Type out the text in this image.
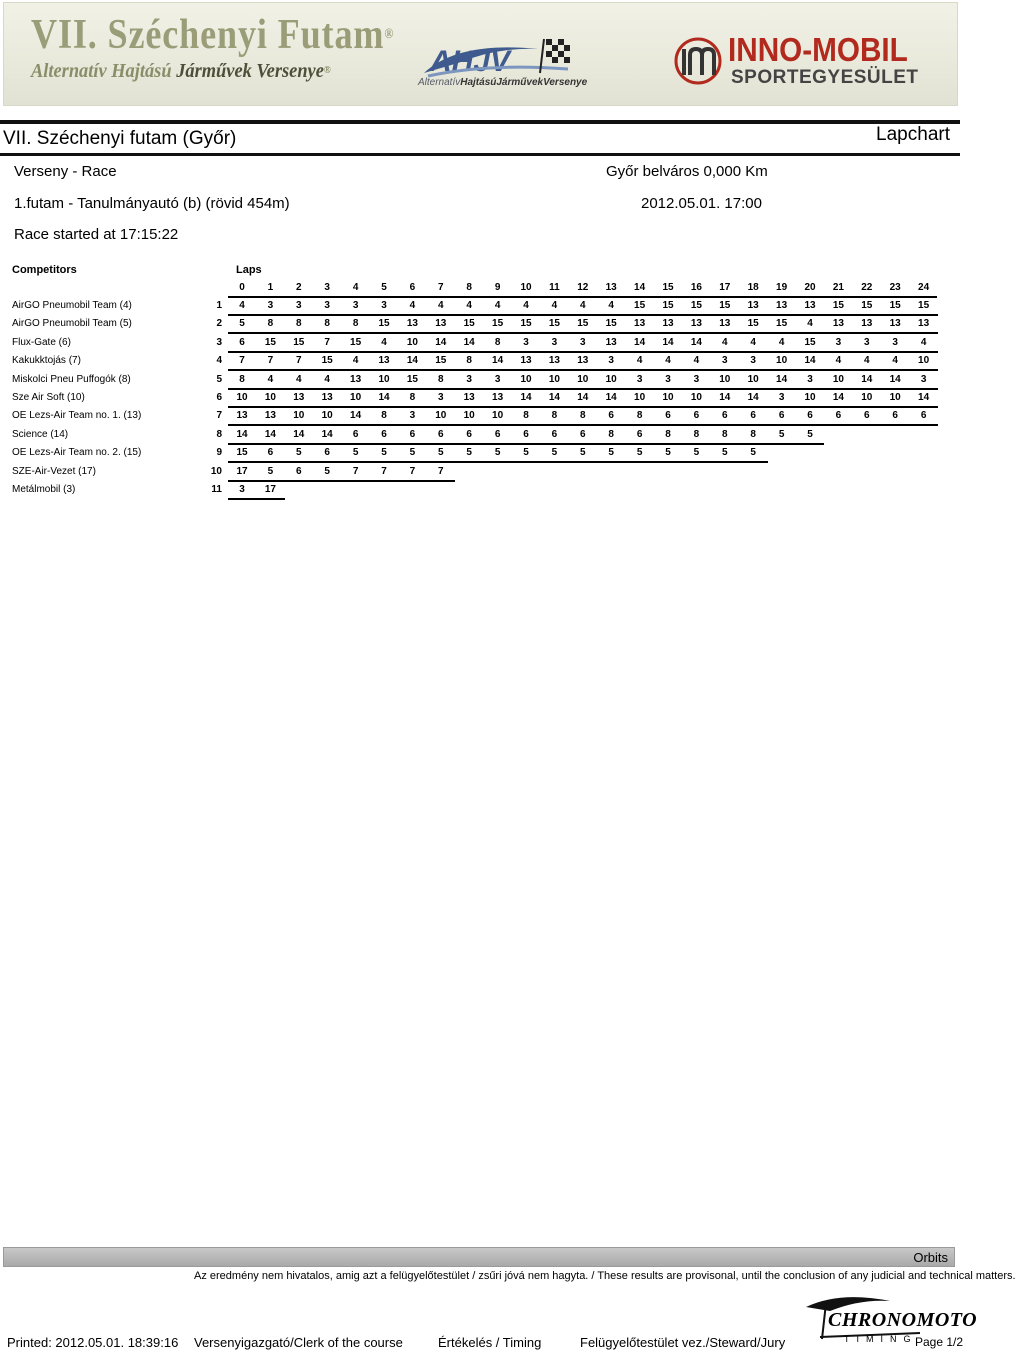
VII. Széchenyi Futam®
Alternatív Hajtású Járművek Versenye®	AHJV
AlternatívHajtásúJárművekVersenye
INNO-MOBIL
SPORTEGYESÜLET
VII. Széchenyi futam (Győr)	Lapchart
Verseny - Race	Győr belváros 0,000 Km
1.futam - Tanulmányautó (b) (rövid 454m)	2012.05.01. 17:00
Race started at 17:15:22
Competitors	Laps
0	1	2	3	4	5	6	7	8	9	10	11	12	13	14	15	16	17	18	19	20	21	22	23	24
AirGO Pneumobil Team (4)	1	4	3	3	3	3	3	4	4	4	4	4	4	4	4	15	15	15	15	13	13	13	15	15	15	15
AirGO Pneumobil Team (5)	2	5	8	8	8	8	15	13	13	15	15	15	15	15	15	13	13	13	13	15	15	4	13	13	13	13
Flux-Gate (6)	3	6	15	15	7	15	4	10	14	14	8	3	3	3	13	14	14	14	4	4	4	15	3	3	3	4
Kakukktojás (7)	4	7	7	7	15	4	13	14	15	8	14	13	13	13	3	4	4	4	3	3	10	14	4	4	4	10
Miskolci Pneu Puffogók (8)	5	8	4	4	4	13	10	15	8	3	3	10	10	10	10	3	3	3	10	10	14	3	10	14	14	3
Sze Air Soft (10)	6	10	10	13	13	10	14	8	3	13	13	14	14	14	14	10	10	10	14	14	3	10	14	10	10	14
OE Lezs-Air Team no. 1. (13)	7	13	13	10	10	14	8	3	10	10	10	8	8	8	6	8	6	6	6	6	6	6	6	6	6	6
Science (14)	8	14	14	14	14	6	6	6	6	6	6	6	6	6	8	6	8	8	8	8	5	5
OE Lezs-Air Team no. 2. (15)	9	15	6	5	6	5	5	5	5	5	5	5	5	5	5	5	5	5	5	5
SZE-Air-Vezet (17)	10	17	5	6	5	7	7	7	7
Metálmobil (3)	11	3	17
Orbits
Az eredmény nem hivatalos, amig azt a felügyelőtestület / zsűri jóvá nem hagyta. / These results are provisonal, until the conclusion of any judicial and technical matters.
Printed: 2012.05.01. 18:39:16 Versenyigazgató/Clerk of the course	Értékelés / Timing	Felügyelőtestület vez./Steward/Jury	Page 1/2
CHRONOMOTO
TIMING
